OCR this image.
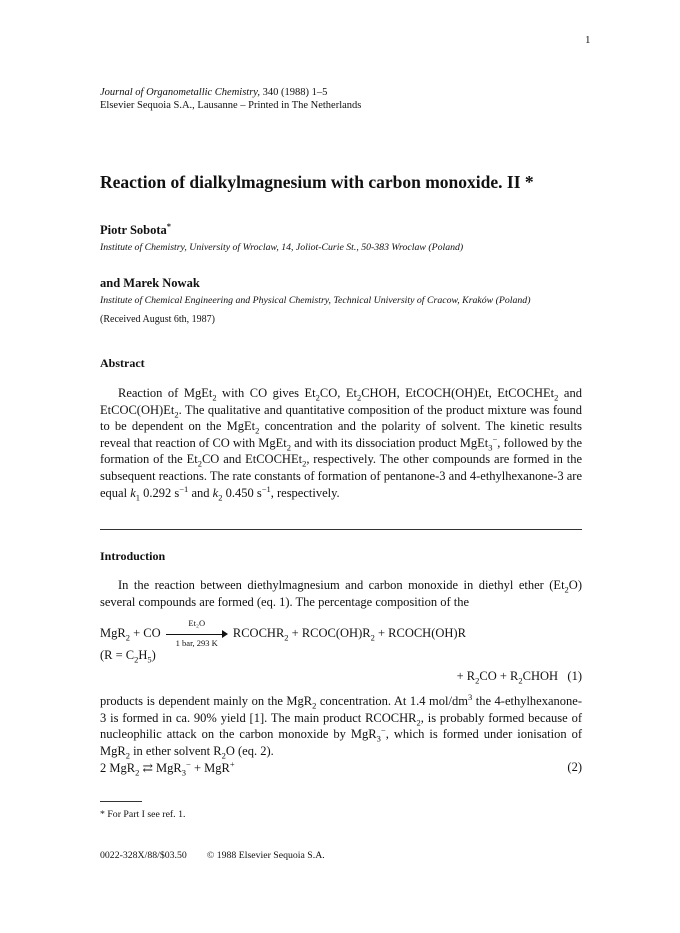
1
Journal of Organometallic Chemistry, 340 (1988) 1–5
Elsevier Sequoia S.A., Lausanne – Printed in The Netherlands
Reaction of dialkylmagnesium with carbon monoxide. II *
Piotr Sobota*
Institute of Chemistry, University of Wroclaw, 14, Joliot-Curie St., 50-383 Wroclaw (Poland)
and Marek Nowak
Institute of Chemical Engineering and Physical Chemistry, Technical University of Cracow, Kraków (Poland)
(Received August 6th, 1987)
Abstract

Reaction of MgEt$_2$ with CO gives $Et_2CO$, $Et_2CHOH$, EtCOCH(OH)Et, EtCOCHEt$_2$ and $EtCOC(OH)Et_2$. The qualitative and quantitative composition of the product mixture was found to be dependent on the MgEt$_2$ concentration and the polarity of solvent. The kinetic results reveal that reaction of CO with MgEt$_2$ and with its dissociation product MgEt$_3$−, followed by the formation of the $Et_2CO$ and EtCOCHEt$_2$, respectively. The other compounds are formed in the subsequent reactions. The rate constants of formation of pentanone-3 and 4-ethylhexanone-3 are equal $k_1$ 0.292 $s^{-1}$ and $k_2$ 0.450 $s^{-1}$, respectively.

Introduction

In the reaction between diethylmagnesium and carbon monoxide in diethyl ether $(Et_2O)$ several compounds are formed (eq. 1). The percentage composition of the

MgR$_2$ + CO
Et₂O
1 bar, 293 K
$RCOCHR_2$ + $RCOC(OH)R_2$ + RCOCH(OH)R
$(R = C_2H_5)$
+ $R_2CO$ + $R_2CHOH$ (1)

products is dependent mainly on the MgR$_2$ concentration. At 1.4 mol/$dm^3$ the 4-ethylhexanone-3 is formed in ca. 90% yield [1]. The main product $RCOCHR_2$, is probably formed because of nucleophilic attack on the carbon monoxide by MgR$_3$−, which is formed under ionisation of MgR$_2$ in ether solvent $R_2O$ (eq. 2).

2 MgR$_2$ ⇄ MgR$_3$− + MgR+	(2)
* For Part I see ref. 1.
0022-328X/88/$03.50 © 1988 Elsevier Sequoia S.A.
